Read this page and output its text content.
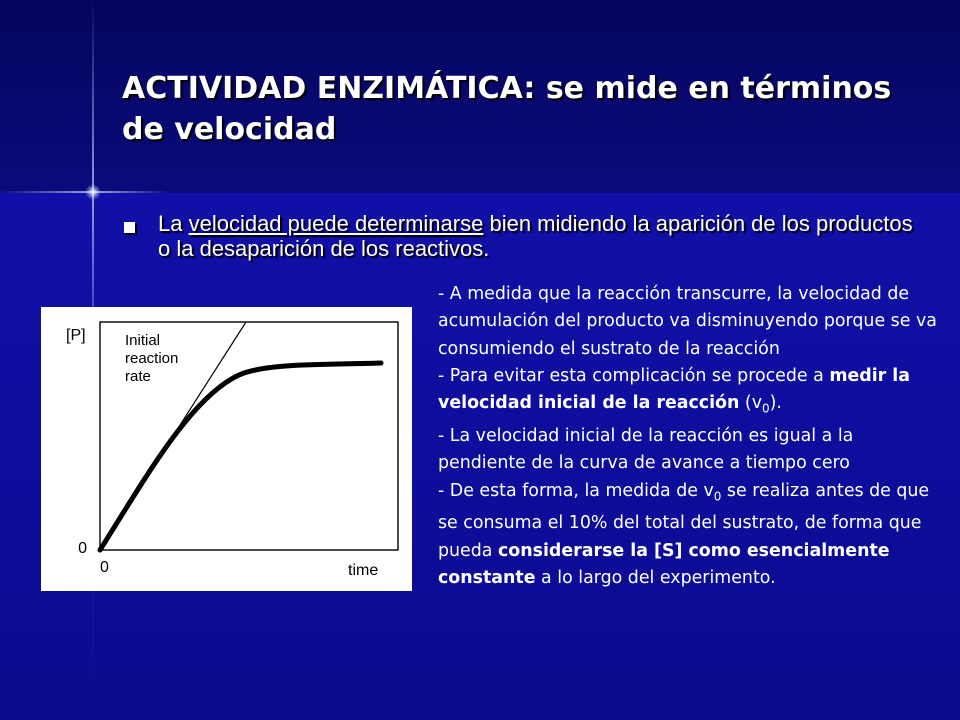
ACTIVIDAD ENZIMÁTICA: se mide en términos de velocidad
La velocidad puede determinarse bien midiendo la aparición de los productos o la desaparición de los reactivos.
[P]	Initial
reaction
rate
0
0	time
$v_o$

- A medida que la reacción transcurre, la velocidad de acumulación del producto va disminuyendo porque se va consumiendo el sustrato de la reacción

- Para evitar esta complicación se procede a medir la velocidad inicial de la reacción $(v_0)$.

- La velocidad inicial de la reacción es igual a la pendiente de la curva de avance a tiempo cero

- De esta forma, la medida de $v_0$ se realiza antes de que se consuma el 10% del total del sustrato, de forma que pueda considerarse la [S] como esencialmente constante a lo largo del experimento.
